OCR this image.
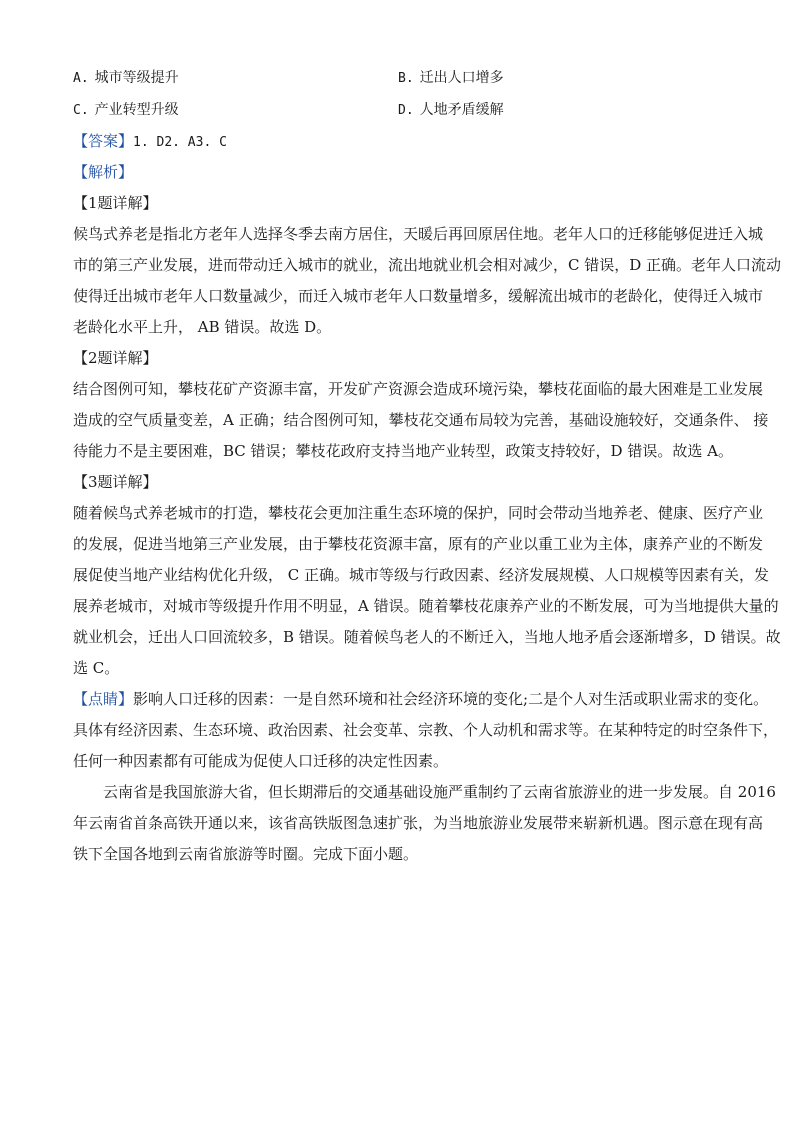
A. 城市等级提升	B. 迁出人口增多
C. 产业转型升级	D. 人地矛盾缓解
【答案】1. D2. A3. C
【解析】
【1题详解】
候鸟式养老是指北方老年人选择冬季去南方居住，天暖后再回原居住地。老年人口的迁移能够促进迁入城
市的第三产业发展，进而带动迁入城市的就业，流出地就业机会相对减少，C 错误，D 正确。老年人口流动
使得迁出城市老年人口数量减少，而迁入城市老年人口数量增多，缓解流出城市的老龄化，使得迁入城市
老龄化水平上升， AB 错误。故选 D。
【2题详解】
结合图例可知，攀枝花矿产资源丰富，开发矿产资源会造成环境污染，攀枝花面临的最大困难是工业发展
造成的空气质量变差，A 正确；结合图例可知，攀枝花交通布局较为完善，基础设施较好，交通条件、 接
待能力不是主要困难，BC 错误；攀枝花政府支持当地产业转型，政策支持较好，D 错误。故选 A。
【3题详解】
随着候鸟式养老城市的打造，攀枝花会更加注重生态环境的保护，同时会带动当地养老、健康、医疗产业
的发展，促进当地第三产业发展，由于攀枝花资源丰富，原有的产业以重工业为主体，康养产业的不断发
展促使当地产业结构优化升级， C 正确。城市等级与行政因素、经济发展规模、人口规模等因素有关，发
展养老城市，对城市等级提升作用不明显，A 错误。随着攀枝花康养产业的不断发展，可为当地提供大量的
就业机会，迁出人口回流较多，B 错误。随着候鸟老人的不断迁入，当地人地矛盾会逐渐增多，D 错误。故
选 C。
【点睛】影响人口迁移的因素：一是自然环境和社会经济环境的变化;二是个人对生活或职业需求的变化。
具体有经济因素、生态环境、政治因素、社会变革、宗教、个人动机和需求等。在某种特定的时空条件下，
任何一种因素都有可能成为促使人口迁移的决定性因素。
云南省是我国旅游大省，但长期滞后的交通基础设施严重制约了云南省旅游业的进一步发展。自 2016
年云南省首条高铁开通以来，该省高铁版图急速扩张，为当地旅游业发展带来崭新机遇。图示意在现有高
铁下全国各地到云南省旅游等时圈。完成下面小题。
